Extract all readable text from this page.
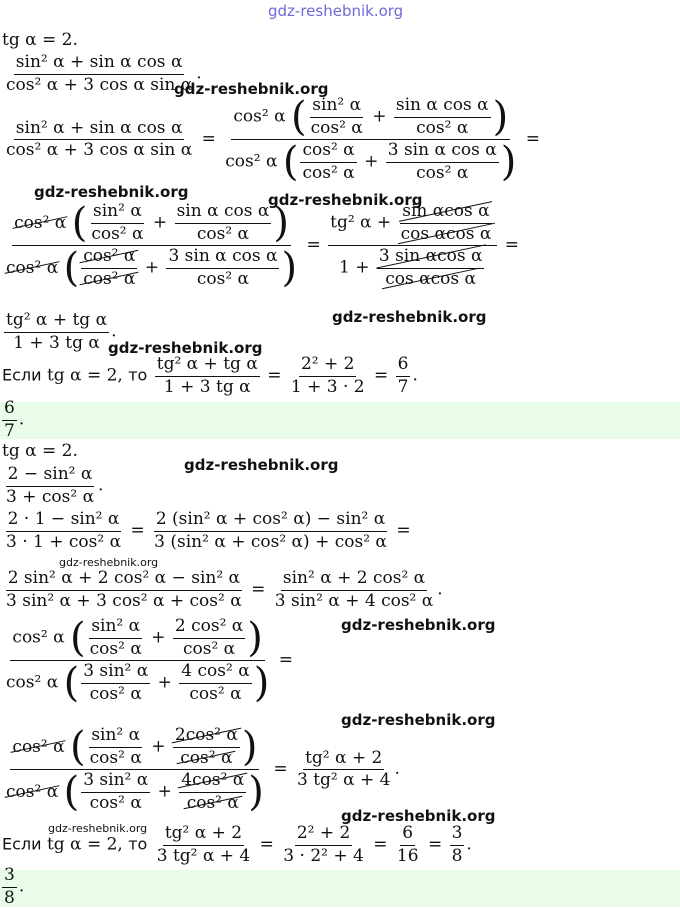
gdz-reshebnik.org
gdz-reshebnik.org
gdz-reshebnik.org	gdz-reshebnik.org
gdz-reshebnik.org
gdz-reshebnik.org
gdz-reshebnik.org
gdz-reshebnik.org
gdz-reshebnik.org
gdz-reshebnik.org
gdz-reshebnik.org
gdz-reshebnik.org
tg α = 2.
$\frac{\text{sin² α + sin α cos α}}{\text{cos² α + 3 cos α sin α}}$ .
$\frac{\text{sin² α + sin α cos α}}{\text{cos² α + 3 cos α sin α}} = \frac{\cos^2 \alpha ( \frac{\text{sin² α}}{\text{cos² α}} + \frac{\text{sin α cos α}}{\text{cos² α}} )}{\cos^2 \alpha ( \frac{\text{cos² α}}{\text{cos² α}} + \frac{\text{3 sin α cos α}}{\text{cos² α}} )}$ =
$\frac{\cos^2 \alpha ( \frac{\text{sin² α}}{\text{cos² α}} + \frac{\text{sin α cos α}}{\text{cos² α}} )}{\cos^2 \alpha ( \frac{\text{cos² α}}{\text{cos² α}} + \frac{\text{3 sin α cos α}}{\text{cos² α}} )} = \frac{tg^2 \alpha + \frac{\text{sin αcos α}}{\text{cos αcos α}}}{1 + \frac{\text{3 sin αcos α}}{\text{cos αcos α}}}$ =
$\frac{\text{tg² α + tg α}}{\text{1 + 3 tg α}}$ .
Если tg α = 2, то $\frac{\text{tg² α + tg α}}{\text{1 + 3 tg α}} = \frac{\text{2² + 2}}{1 + 3 \cdot 2} = \frac{6}{7}$ .
$\frac{6}{7}$ .
tg α = 2.
$\frac{\text{2 − sin² α}}{\text{3 + cos² α}}$ .
$\frac{\text{2 · 1 − sin² α}}{\text{3 · 1 + cos² α}} = \frac{\text{2 (sin² α + cos² α) − sin² α}}{\text{3 (sin² α + cos² α) + cos² α}}$ =
$\frac{\text{2 sin² α + 2 cos² α − sin² α}}{\text{3 sin² α + 3 cos² α + cos² α}} = \frac{\text{sin² α + 2 cos² α}}{\text{3 sin² α + 4 cos² α}}$ .
$\frac{\cos^2 \alpha ( \frac{\text{sin² α}}{\text{cos² α}} + \frac{\text{2 cos² α}}{\text{cos² α}} )}{\cos^2 \alpha ( \frac{\text{3 sin² α}}{\text{cos² α}} + \frac{\text{4 cos² α}}{\text{cos² α}} )}$ =
$\frac{\cos^2 \alpha ( \frac{\text{sin² α}}{\text{cos² α}} + \frac{\text{2cos² α}}{\text{cos² α}} )}{\cos^2 \alpha ( \frac{\text{3 sin² α}}{\text{cos² α}} + \frac{\text{4cos² α}}{\text{cos² α}} )} = \frac{\text{tg² α + 2}}{\text{3 tg² α + 4}}$ .
Если tg α = 2, то $\frac{\text{tg² α + 2}}{\text{3 tg² α + 4}} = \frac{\text{2² + 2}}{\text{3 · 2² + 4}} = \frac{6}{16} = \frac{3}{8}$ .
$\frac{3}{8}$ .
